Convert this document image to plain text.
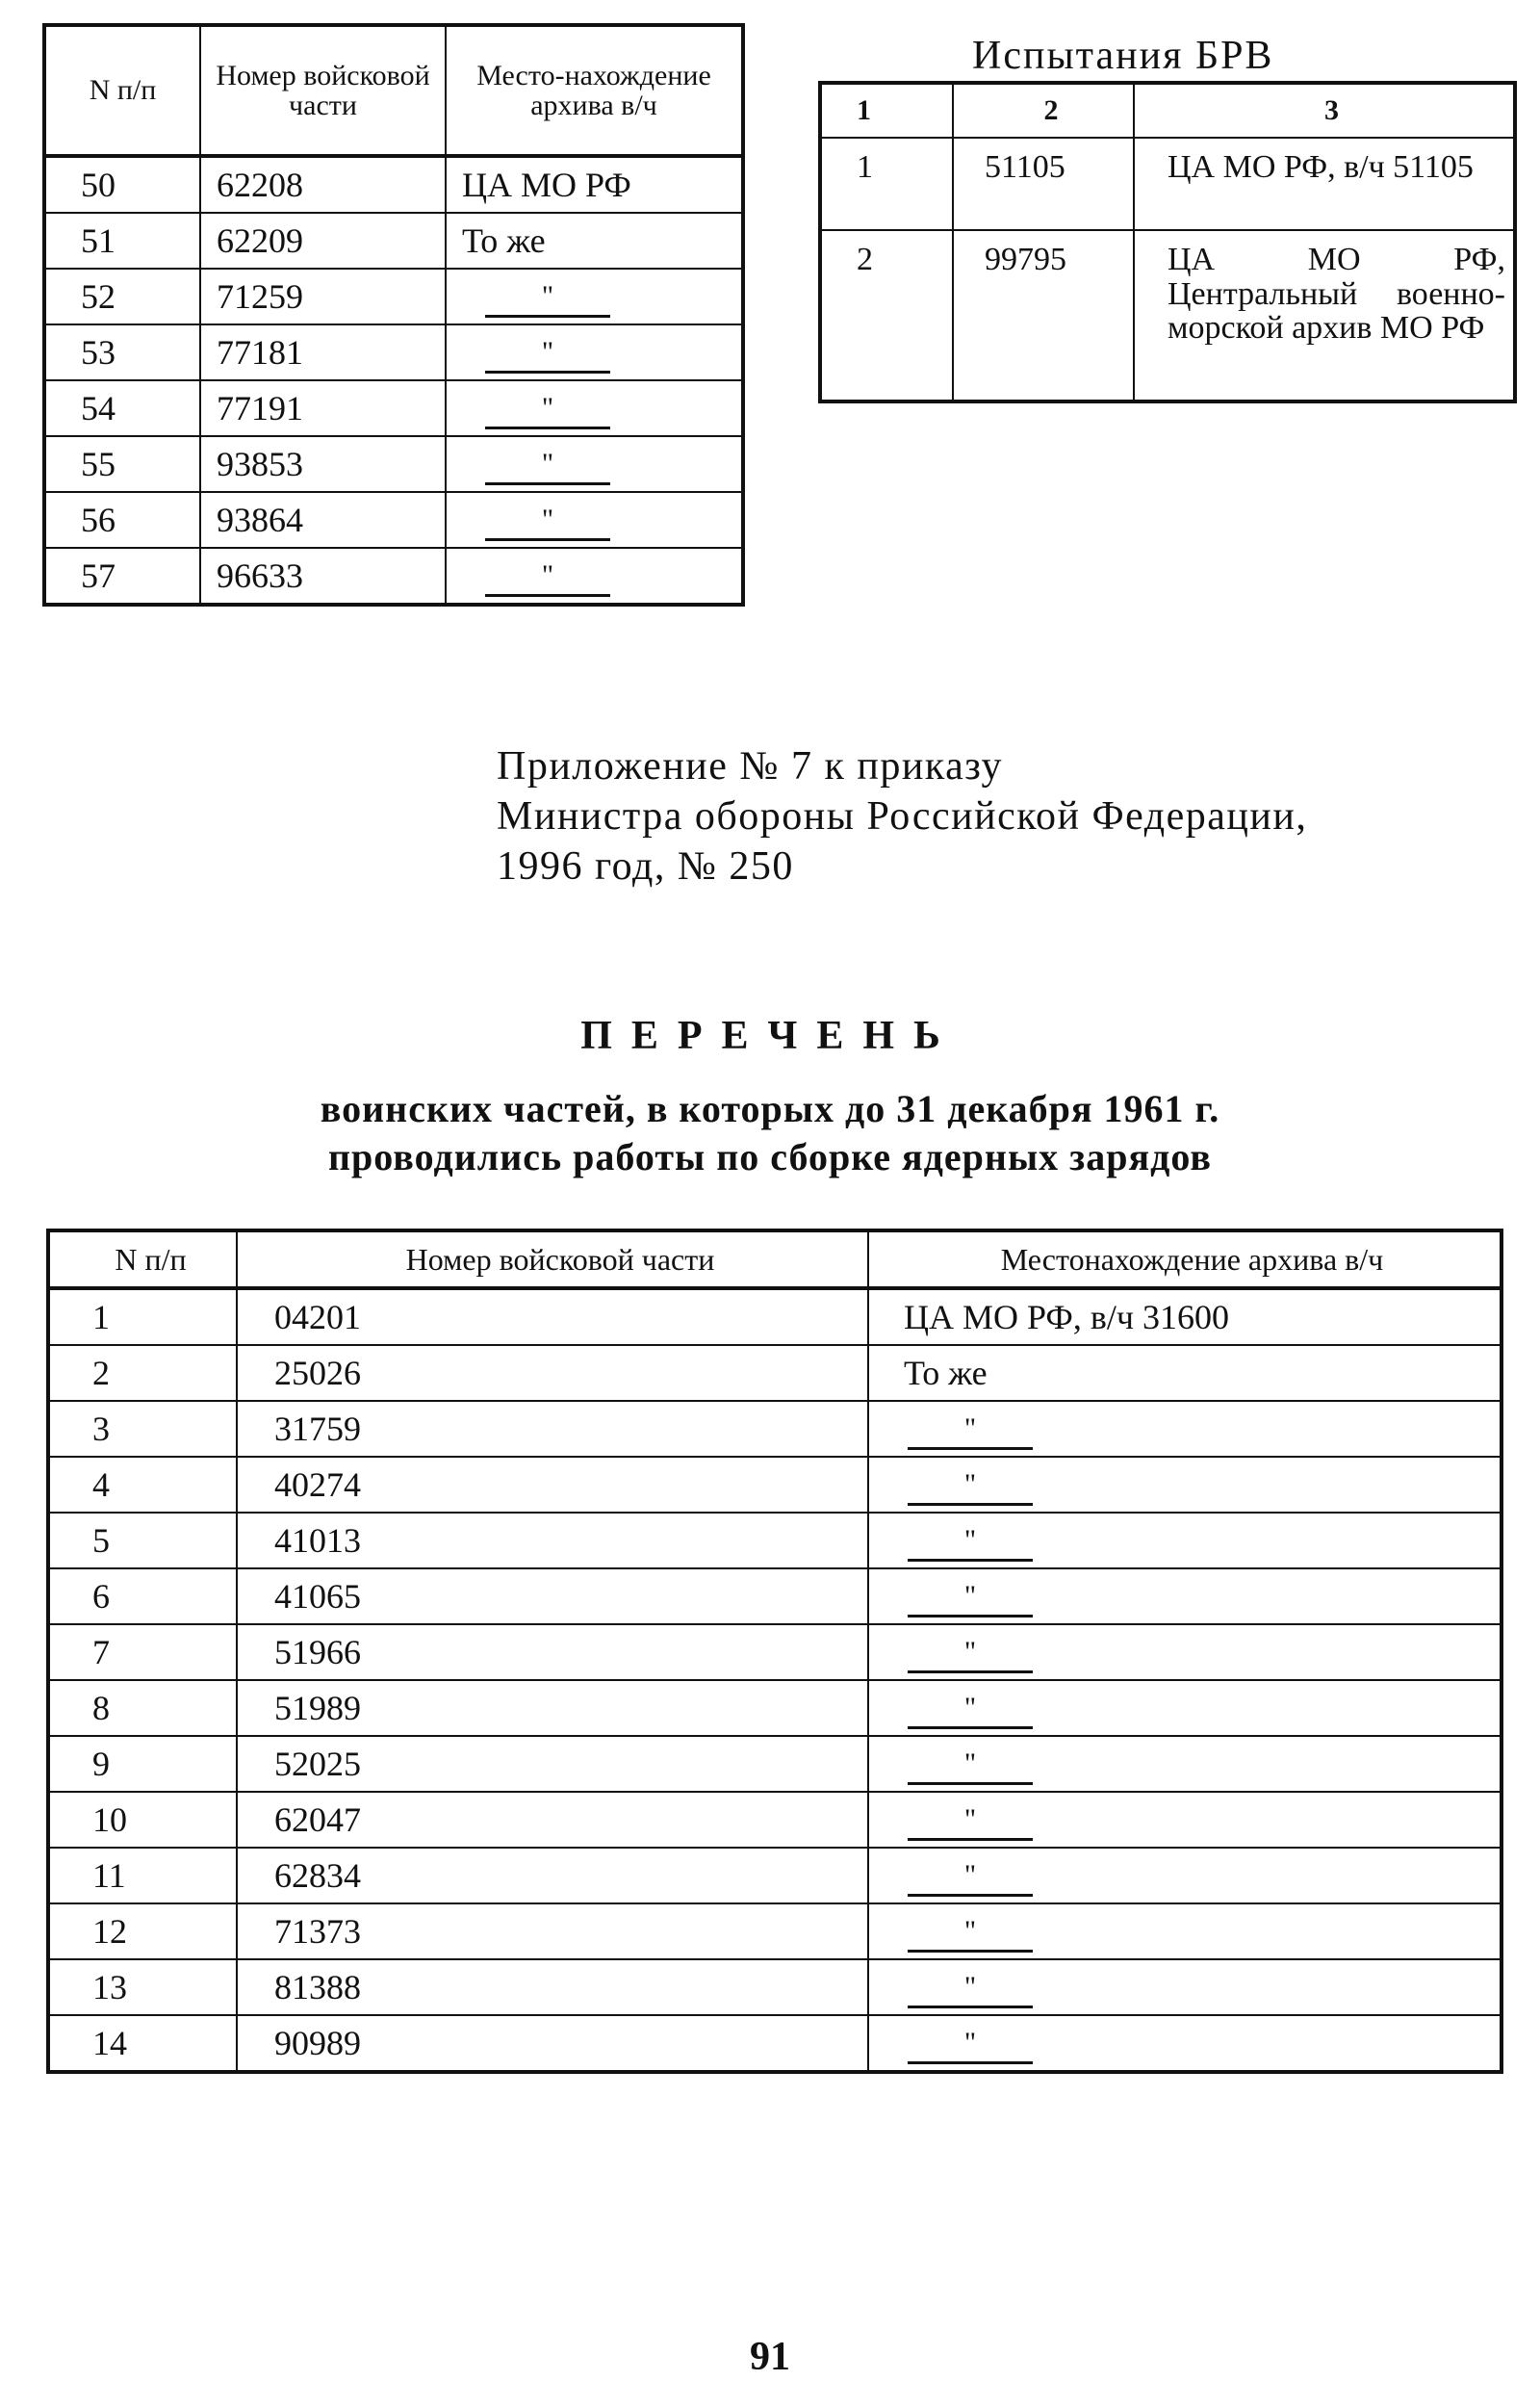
N п/п	Номер войсковой части	Место-нахождение архива в/ч
50	62208	ЦА МО РФ
51	62209	То же
52	71259	"
53	77181	"
54	77191	"
55	93853	"
56	93864	"
57	96633	"
Испытания БРВ
1	2	3
1	51105	ЦА МО РФ, в/ч 51105
2	99795	ЦА МО РФ, Центральный военно-морской архив МО РФ
Приложение № 7 к приказу
Министра обороны Российской Федерации,
1996 год, № 250
ПЕРЕЧЕНЬ
воинских частей, в которых до 31 декабря 1961 г.
проводились работы по сборке ядерных зарядов
N п/п	Номер войсковой части	Местонахождение архива в/ч
1	04201	ЦА МО РФ, в/ч 31600
2	25026	То же
3	31759	"
4	40274	"
5	41013	"
6	41065	"
7	51966	"
8	51989	"
9	52025	"
10	62047	"
11	62834	"
12	71373	"
13	81388	"
14	90989	"
91
